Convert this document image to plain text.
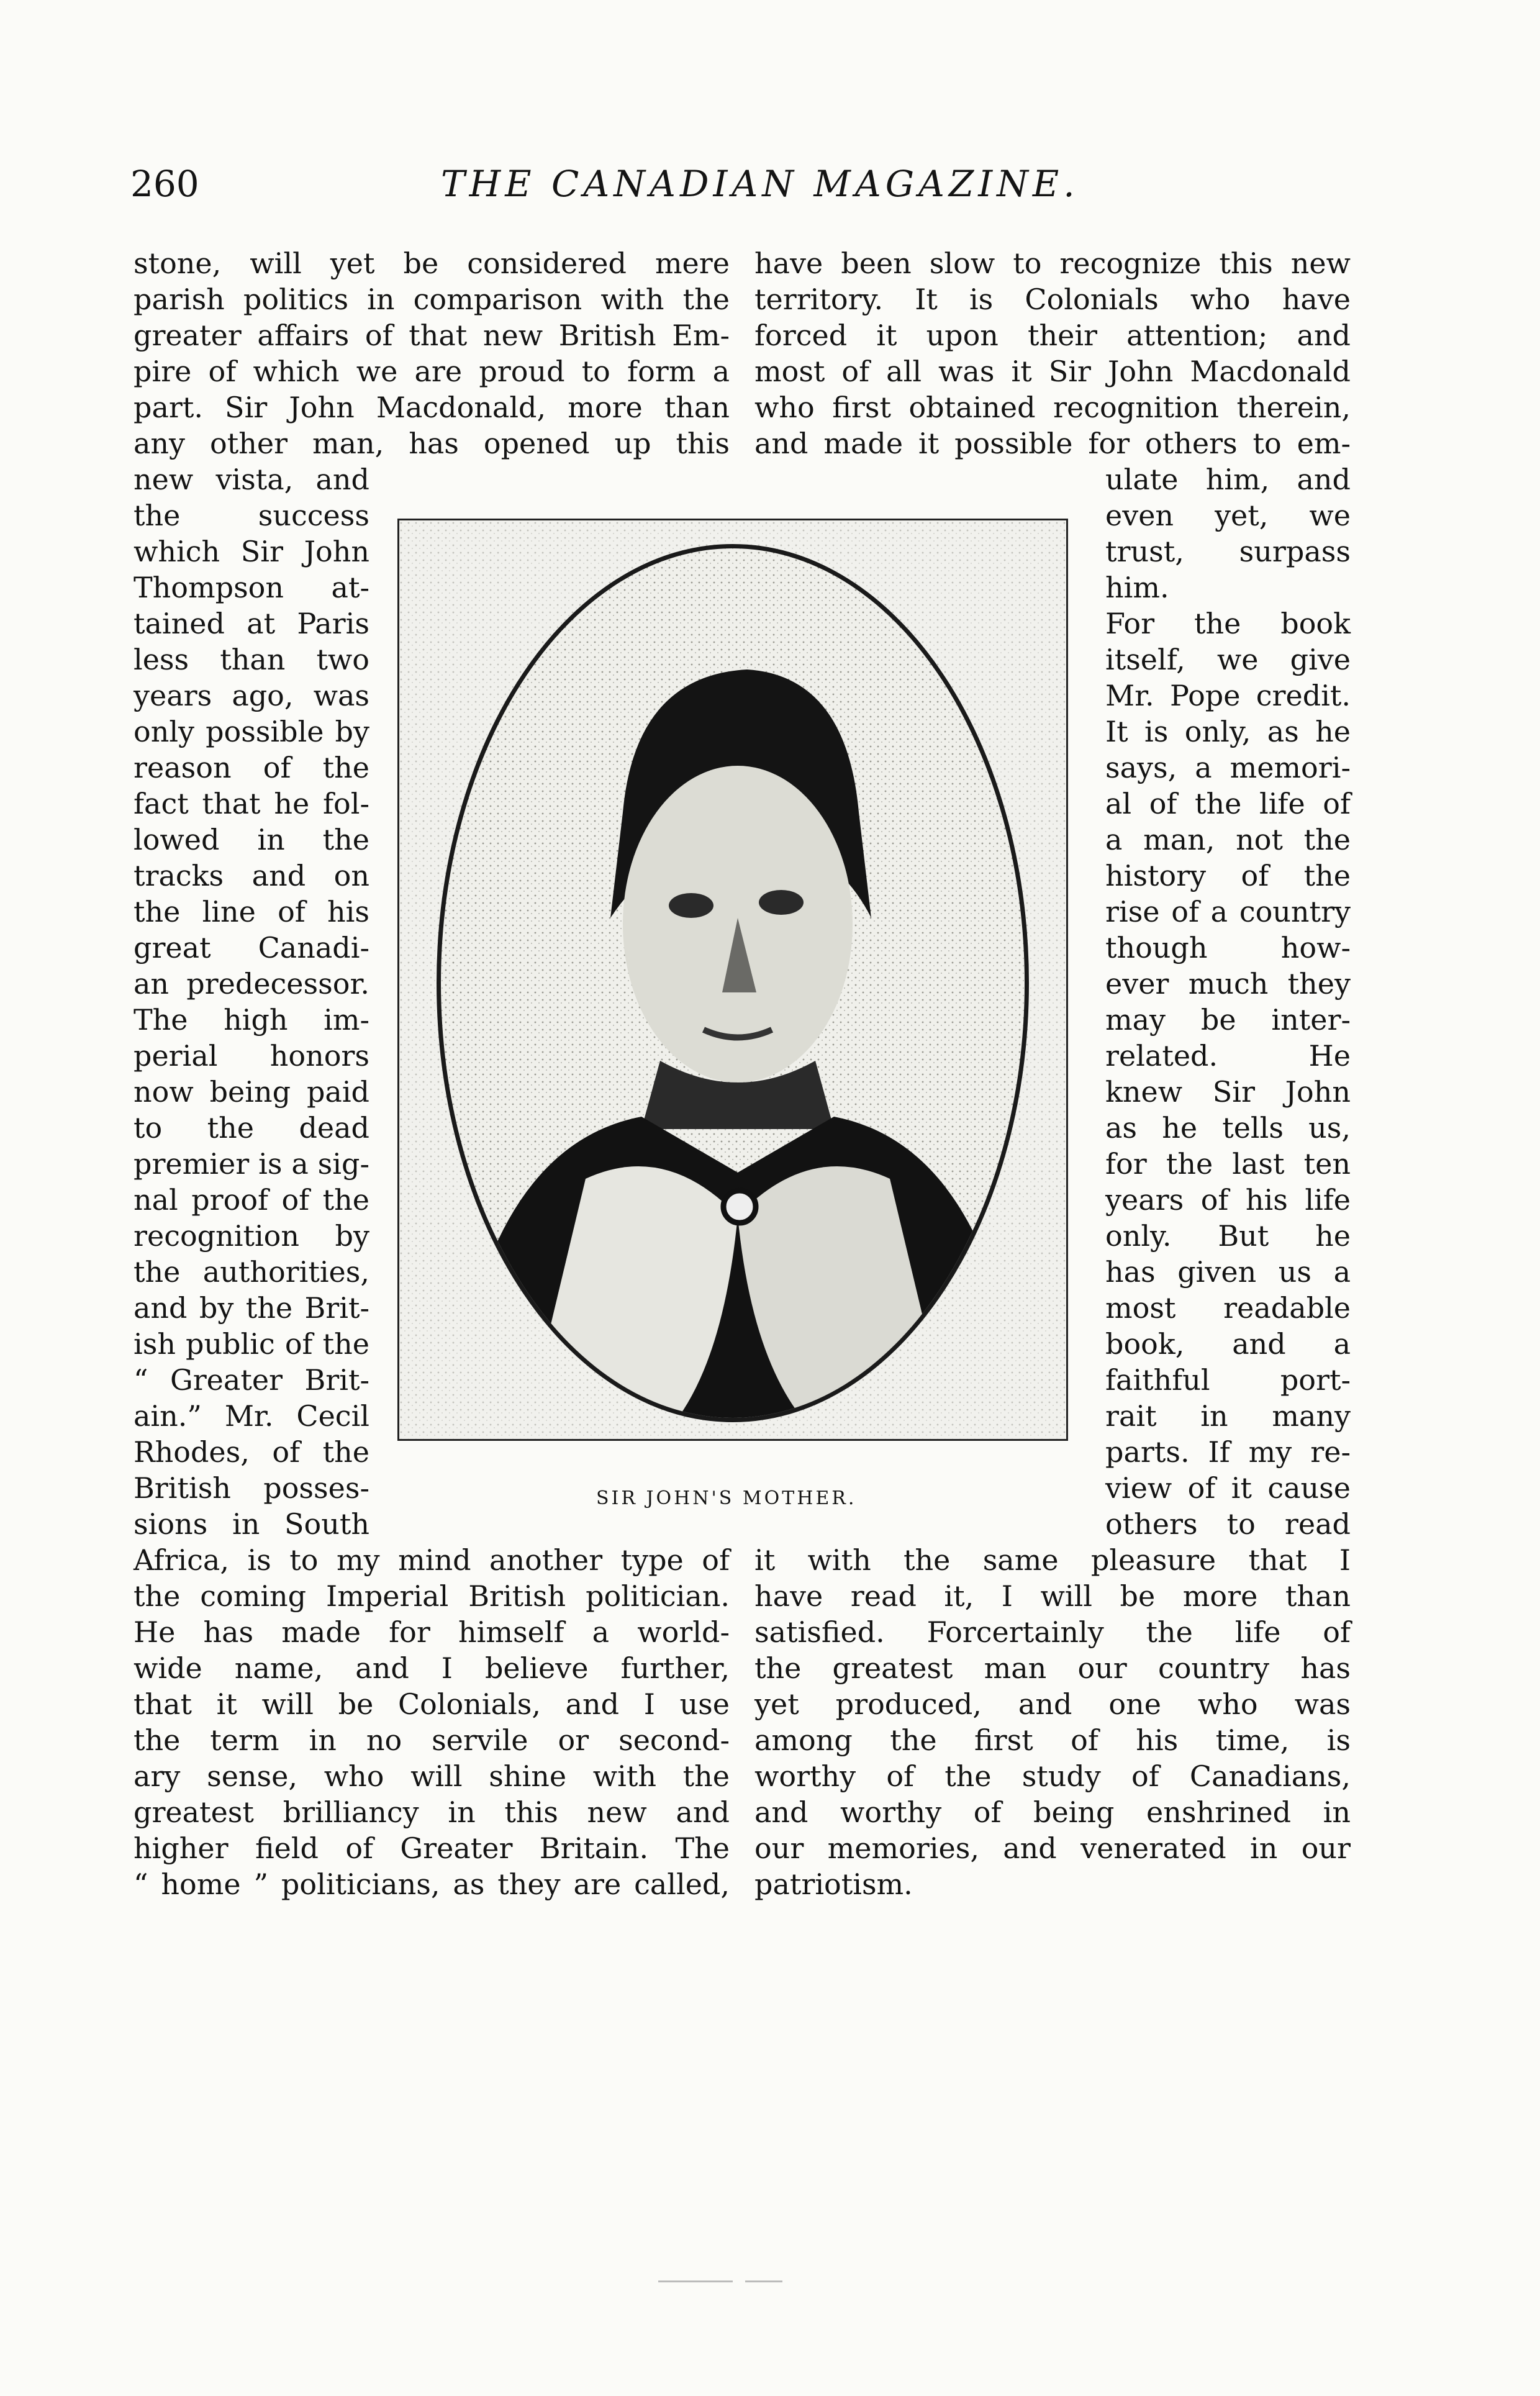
260	THE CANADIAN MAGAZINE.
stone, will yet be considered mere
parish politics in comparison with the
greater affairs of that new British Em-
pire of which we are proud to form a
part. Sir John Macdonald, more than
any other man, has opened up this
have been slow to recognize this new
territory. It is Colonials who have
forced it upon their attention; and
most of all was it Sir John Macdonald
who first obtained recognition therein,
and made it possible for others to em-
new vista, and
the success
which Sir John
Thompson at-
tained at Paris
less than two
years ago, was
only possible by
reason of the
fact that he fol-
lowed in the
tracks and on
the line of his
great Canadi-
an predecessor.
The high im-
perial honors
now being paid
to the dead
premier is a sig-
nal proof of the
recognition by
the authorities,
and by the Brit-
ish public of the
“ Greater Brit-
ain.” Mr. Cecil
Rhodes, of the
British posses-
sions in South
ulate him, and
even yet, we
trust, surpass
him.
For the book
itself, we give
Mr. Pope credit.
It is only, as he
says, a memori-
al of the life of
a man, not the
history of the
rise of a country
though how-
ever much they
may be inter-
related. He
knew Sir John
as he tells us,
for the last ten
years of his life
only. But he
has given us a
most readable
book, and a
faithful port-
rait in many
parts. If my re-
view of it cause
others to read
Africa, is to my mind another type of
the coming Imperial British politician.
He has made for himself a world-
wide name, and I believe further,
that it will be Colonials, and I use
the term in no servile or second-
ary sense, who will shine with the
greatest brilliancy in this new and
higher field of Greater Britain. The
“ home ” politicians, as they are called,
it with the same pleasure that I
have read it, I will be more than
satisfied. Forcertainly the life of
the greatest man our country has
yet produced, and one who was
among the first of his time, is
worthy of the study of Canadians,
and worthy of being enshrined in
our memories, and venerated in our
patriotism.
SIR JOHN'S MOTHER.
